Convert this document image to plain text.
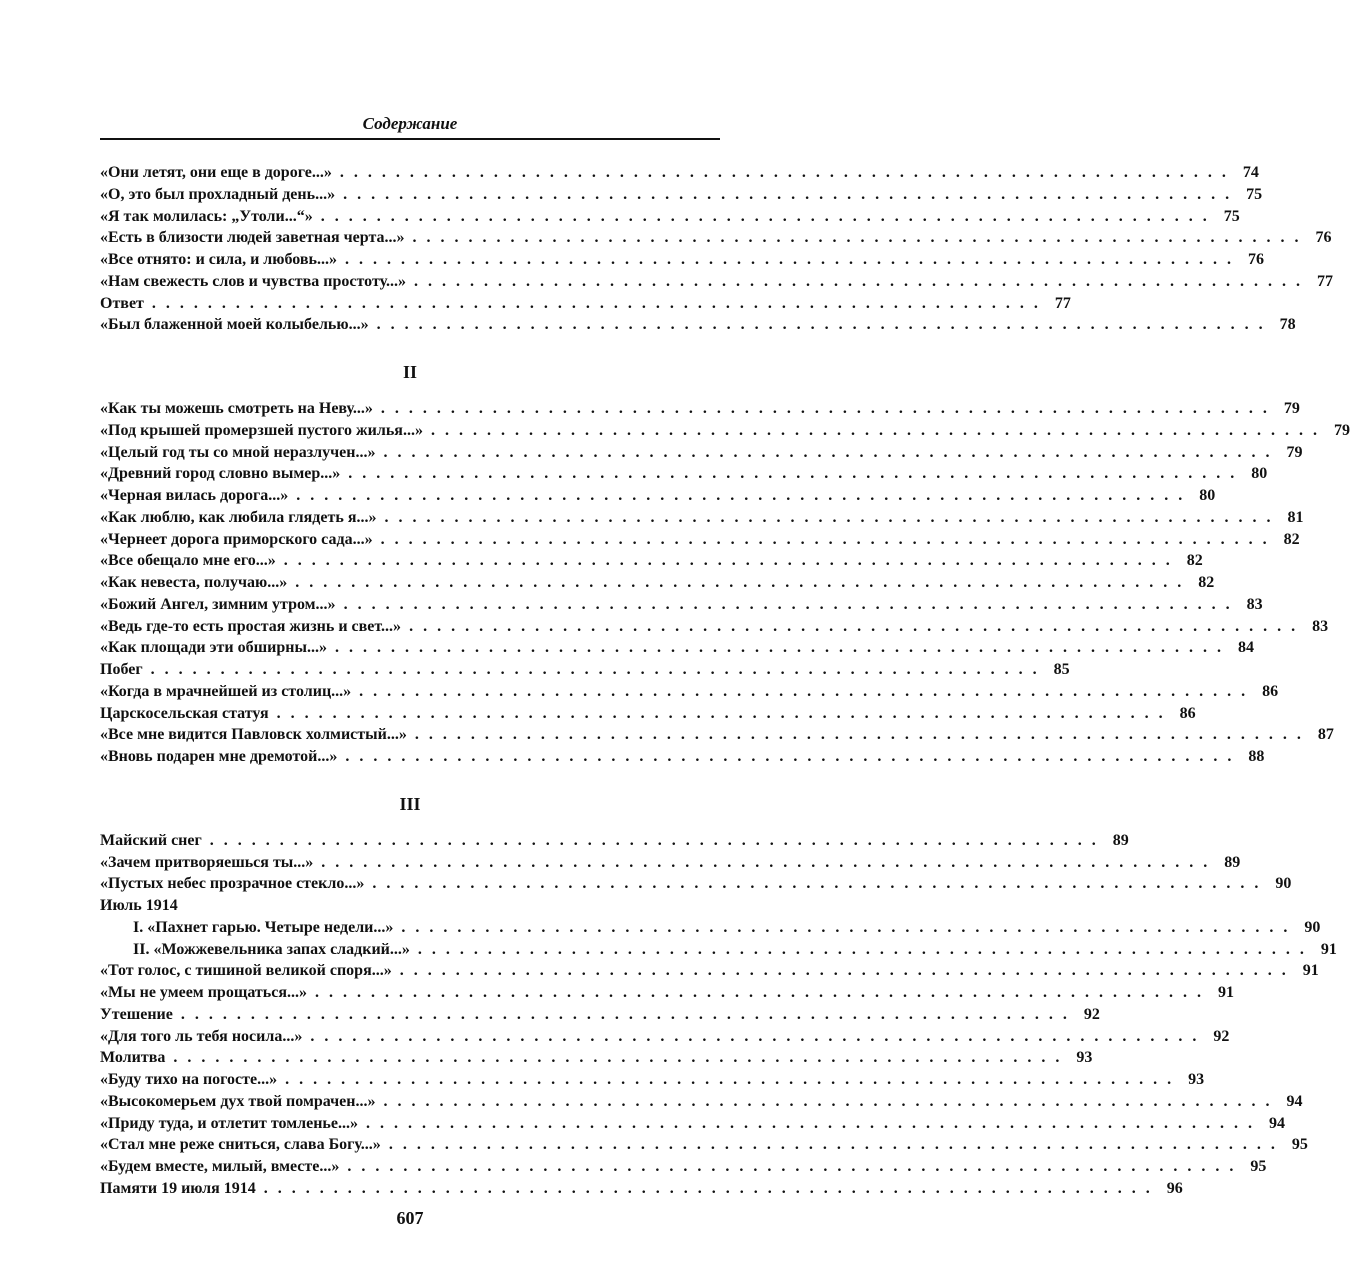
Содержание
«Они летят, они еще в дороге...» . . . . . . . . . . . . . . . . . . . . . . . . . . . . . . . . . . . . . . . . . . . . . . . . . . . . . . . . . . . . . . . . 74
«О, это был прохладный день...» . . . . . . . . . . . . . . . . . . . . . . . . . . . . . . . . . . . . . . . . . . . . . . . . . . . . . . . . . . . . . . . . 75
«Я так молилась: „Утоли...“» . . . . . . . . . . . . . . . . . . . . . . . . . . . . . . . . . . . . . . . . . . . . . . . . . . . . . . . . . . . . . . . . 75
«Есть в близости людей заветная черта...» . . . . . . . . . . . . . . . . . . . . . . . . . . . . . . . . . . . . . . . . . . . . . . . . . . . . . . . . . . . . . . . . 76
«Все отнято: и сила, и любовь...» . . . . . . . . . . . . . . . . . . . . . . . . . . . . . . . . . . . . . . . . . . . . . . . . . . . . . . . . . . . . . . . . 76
«Нам свежесть слов и чувства простоту...» . . . . . . . . . . . . . . . . . . . . . . . . . . . . . . . . . . . . . . . . . . . . . . . . . . . . . . . . . . . . . . . . 77
Ответ . . . . . . . . . . . . . . . . . . . . . . . . . . . . . . . . . . . . . . . . . . . . . . . . . . . . . . . . . . . . . . . . 77
«Был блаженной моей колыбелью...» . . . . . . . . . . . . . . . . . . . . . . . . . . . . . . . . . . . . . . . . . . . . . . . . . . . . . . . . . . . . . . . . 78
II
«Как ты можешь смотреть на Неву...» . . . . . . . . . . . . . . . . . . . . . . . . . . . . . . . . . . . . . . . . . . . . . . . . . . . . . . . . . . . . . . . . 79
«Под крышей промерзшей пустого жилья...» . . . . . . . . . . . . . . . . . . . . . . . . . . . . . . . . . . . . . . . . . . . . . . . . . . . . . . . . . . . . . . . . 79
«Целый год ты со мной неразлучен...» . . . . . . . . . . . . . . . . . . . . . . . . . . . . . . . . . . . . . . . . . . . . . . . . . . . . . . . . . . . . . . . . 79
«Древний город словно вымер...» . . . . . . . . . . . . . . . . . . . . . . . . . . . . . . . . . . . . . . . . . . . . . . . . . . . . . . . . . . . . . . . . 80
«Черная вилась дорога...» . . . . . . . . . . . . . . . . . . . . . . . . . . . . . . . . . . . . . . . . . . . . . . . . . . . . . . . . . . . . . . . . 80
«Как люблю, как любила глядеть я...» . . . . . . . . . . . . . . . . . . . . . . . . . . . . . . . . . . . . . . . . . . . . . . . . . . . . . . . . . . . . . . . . 81
«Чернеет дорога приморского сада...» . . . . . . . . . . . . . . . . . . . . . . . . . . . . . . . . . . . . . . . . . . . . . . . . . . . . . . . . . . . . . . . . 82
«Все обещало мне его...» . . . . . . . . . . . . . . . . . . . . . . . . . . . . . . . . . . . . . . . . . . . . . . . . . . . . . . . . . . . . . . . . 82
«Как невеста, получаю...» . . . . . . . . . . . . . . . . . . . . . . . . . . . . . . . . . . . . . . . . . . . . . . . . . . . . . . . . . . . . . . . . 82
«Божий Ангел, зимним утром...» . . . . . . . . . . . . . . . . . . . . . . . . . . . . . . . . . . . . . . . . . . . . . . . . . . . . . . . . . . . . . . . . 83
«Ведь где-то есть простая жизнь и свет...» . . . . . . . . . . . . . . . . . . . . . . . . . . . . . . . . . . . . . . . . . . . . . . . . . . . . . . . . . . . . . . . . 83
«Как площади эти обширны...» . . . . . . . . . . . . . . . . . . . . . . . . . . . . . . . . . . . . . . . . . . . . . . . . . . . . . . . . . . . . . . . . 84
Побег . . . . . . . . . . . . . . . . . . . . . . . . . . . . . . . . . . . . . . . . . . . . . . . . . . . . . . . . . . . . . . . . 85
«Когда в мрачнейшей из столиц...» . . . . . . . . . . . . . . . . . . . . . . . . . . . . . . . . . . . . . . . . . . . . . . . . . . . . . . . . . . . . . . . . 86
Царскосельская статуя . . . . . . . . . . . . . . . . . . . . . . . . . . . . . . . . . . . . . . . . . . . . . . . . . . . . . . . . . . . . . . . . 86
«Все мне видится Павловск холмистый...» . . . . . . . . . . . . . . . . . . . . . . . . . . . . . . . . . . . . . . . . . . . . . . . . . . . . . . . . . . . . . . . . 87
«Вновь подарен мне дремотой...» . . . . . . . . . . . . . . . . . . . . . . . . . . . . . . . . . . . . . . . . . . . . . . . . . . . . . . . . . . . . . . . . 88
III
Майский снег . . . . . . . . . . . . . . . . . . . . . . . . . . . . . . . . . . . . . . . . . . . . . . . . . . . . . . . . . . . . . . . . 89
«Зачем притворяешься ты...» . . . . . . . . . . . . . . . . . . . . . . . . . . . . . . . . . . . . . . . . . . . . . . . . . . . . . . . . . . . . . . . . 89
«Пустых небес прозрачное стекло...» . . . . . . . . . . . . . . . . . . . . . . . . . . . . . . . . . . . . . . . . . . . . . . . . . . . . . . . . . . . . . . . . 90
Июль 1914
I. «Пахнет гарью. Четыре недели...» . . . . . . . . . . . . . . . . . . . . . . . . . . . . . . . . . . . . . . . . . . . . . . . . . . . . . . . . . . . . . . . . 90
II. «Можжевельника запах сладкий...» . . . . . . . . . . . . . . . . . . . . . . . . . . . . . . . . . . . . . . . . . . . . . . . . . . . . . . . . . . . . . . . . 91
«Тот голос, с тишиной великой споря...» . . . . . . . . . . . . . . . . . . . . . . . . . . . . . . . . . . . . . . . . . . . . . . . . . . . . . . . . . . . . . . . . 91
«Мы не умеем прощаться...» . . . . . . . . . . . . . . . . . . . . . . . . . . . . . . . . . . . . . . . . . . . . . . . . . . . . . . . . . . . . . . . . 91
Утешение . . . . . . . . . . . . . . . . . . . . . . . . . . . . . . . . . . . . . . . . . . . . . . . . . . . . . . . . . . . . . . . . 92
«Для того ль тебя носила...» . . . . . . . . . . . . . . . . . . . . . . . . . . . . . . . . . . . . . . . . . . . . . . . . . . . . . . . . . . . . . . . . 92
Молитва . . . . . . . . . . . . . . . . . . . . . . . . . . . . . . . . . . . . . . . . . . . . . . . . . . . . . . . . . . . . . . . . 93
«Буду тихо на погосте...» . . . . . . . . . . . . . . . . . . . . . . . . . . . . . . . . . . . . . . . . . . . . . . . . . . . . . . . . . . . . . . . . 93
«Высокомерьем дух твой помрачен...» . . . . . . . . . . . . . . . . . . . . . . . . . . . . . . . . . . . . . . . . . . . . . . . . . . . . . . . . . . . . . . . . 94
«Приду туда, и отлетит томленье...» . . . . . . . . . . . . . . . . . . . . . . . . . . . . . . . . . . . . . . . . . . . . . . . . . . . . . . . . . . . . . . . . 94
«Стал мне реже сниться, слава Богу...» . . . . . . . . . . . . . . . . . . . . . . . . . . . . . . . . . . . . . . . . . . . . . . . . . . . . . . . . . . . . . . . . 95
«Будем вместе, милый, вместе...» . . . . . . . . . . . . . . . . . . . . . . . . . . . . . . . . . . . . . . . . . . . . . . . . . . . . . . . . . . . . . . . . 95
Памяти 19 июля 1914 . . . . . . . . . . . . . . . . . . . . . . . . . . . . . . . . . . . . . . . . . . . . . . . . . . . . . . . . . . . . . . . . 96
607
